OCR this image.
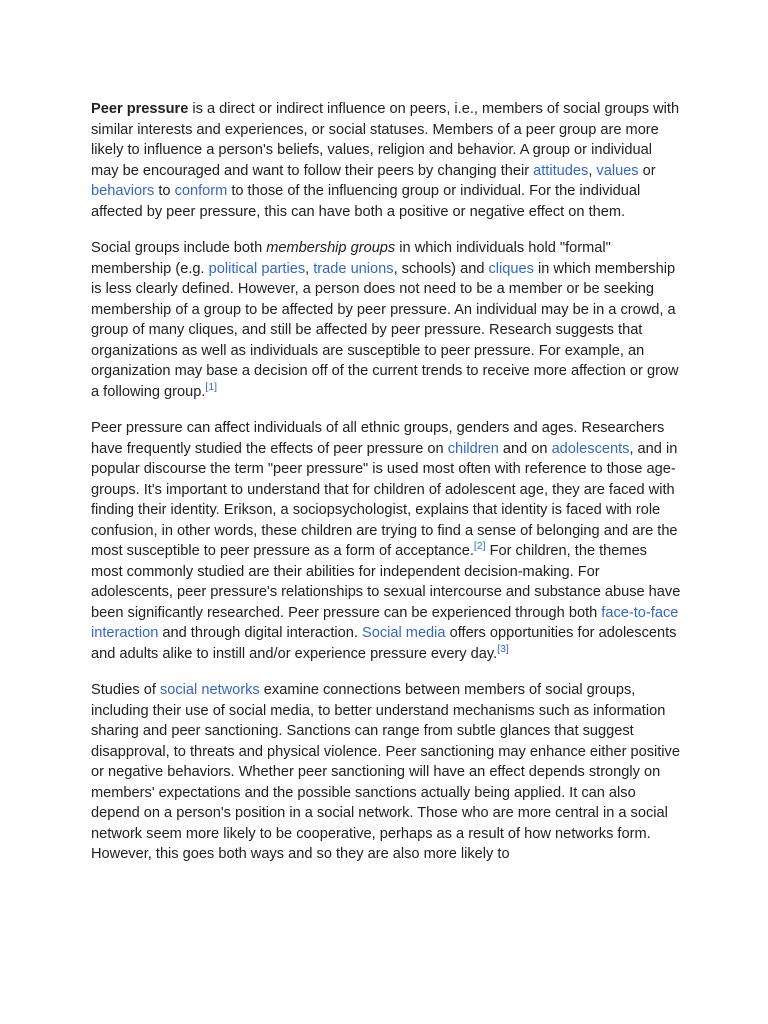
Peer pressure is a direct or indirect influence on peers, i.e., members of social groups with similar interests and experiences, or social statuses. Members of a peer group are more likely to influence a person's beliefs, values, religion and behavior. A group or individual may be encouraged and want to follow their peers by changing their attitudes, values or behaviors to conform to those of the influencing group or individual. For the individual affected by peer pressure, this can have both a positive or negative effect on them.

Social groups include both membership groups in which individuals hold "formal" membership (e.g. political parties, trade unions, schools) and cliques in which membership is less clearly defined. However, a person does not need to be a member or be seeking membership of a group to be affected by peer pressure. An individual may be in a crowd, a group of many cliques, and still be affected by peer pressure. Research suggests that organizations as well as individuals are susceptible to peer pressure. For example, an organization may base a decision off of the current trends to receive more affection or grow a following group.[1]

Peer pressure can affect individuals of all ethnic groups, genders and ages. Researchers have frequently studied the effects of peer pressure on children and on adolescents, and in popular discourse the term "peer pressure" is used most often with reference to those age-groups. It's important to understand that for children of adolescent age, they are faced with finding their identity. Erikson, a sociopsychologist, explains that identity is faced with role confusion, in other words, these children are trying to find a sense of belonging and are the most susceptible to peer pressure as a form of acceptance.[2] For children, the themes most commonly studied are their abilities for independent decision-making. For adolescents, peer pressure's relationships to sexual intercourse and substance abuse have been significantly researched. Peer pressure can be experienced through both face-to-face interaction and through digital interaction. Social media offers opportunities for adolescents and adults alike to instill and/or experience pressure every day.[3]

Studies of social networks examine connections between members of social groups, including their use of social media, to better understand mechanisms such as information sharing and peer sanctioning. Sanctions can range from subtle glances that suggest disapproval, to threats and physical violence. Peer sanctioning may enhance either positive or negative behaviors. Whether peer sanctioning will have an effect depends strongly on members' expectations and the possible sanctions actually being applied. It can also depend on a person's position in a social network. Those who are more central in a social network seem more likely to be cooperative, perhaps as a result of how networks form. However, this goes both ways and so they are also more likely to
